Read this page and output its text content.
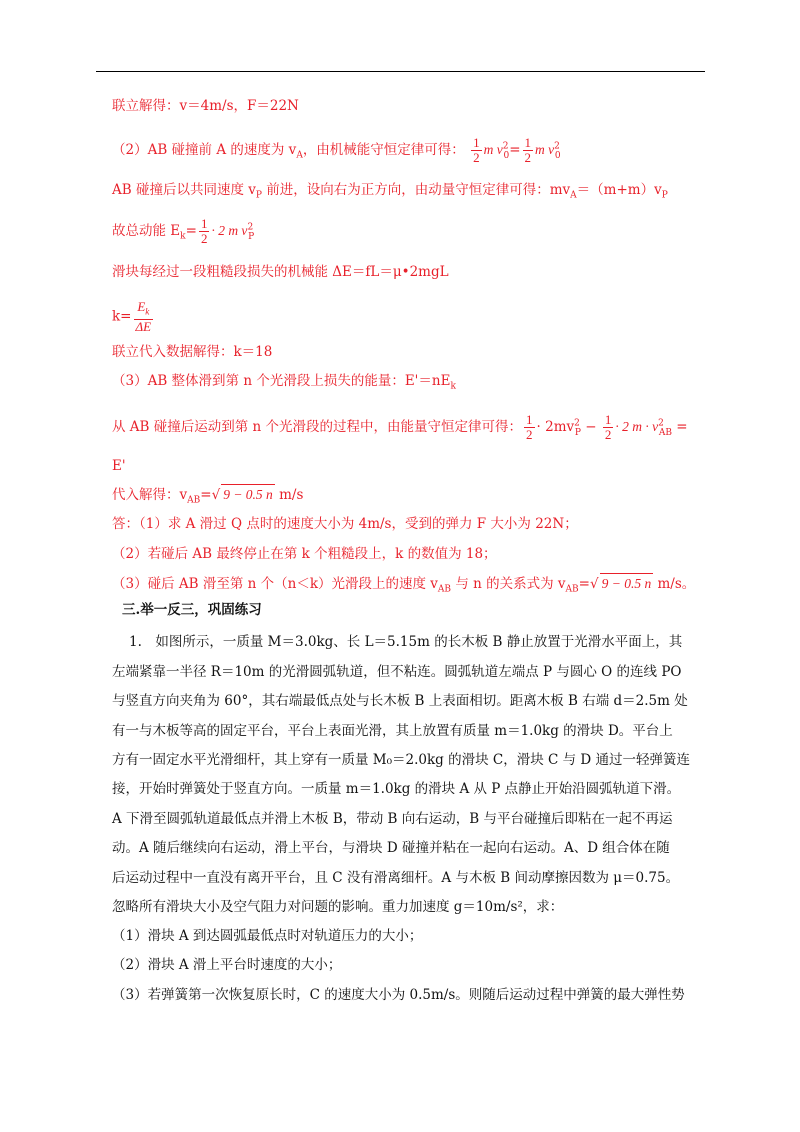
联立解得：v＝4m/s，F＝22N
（2）AB 碰撞前 A 的速度为 $v_A$，由机械能守恒定律可得： $\frac{1}{2}$ m $v^2_0= \frac{1}{2}$ m $v^2_0$
AB 碰撞后以共同速度 $v_P$ 前进，设向右为正方向，由动量守恒定律可得：$mv_A=(m+m)v_P$
故总动能 $E_k= \frac{1}{2} \cdot 2$ m $v^2_P$
滑块每经过一段粗糙段损失的机械能 ΔE＝fL＝μ•2mgL
$k= \frac{E_k}{\Delta E}$
联立代入数据解得：k＝18
（3）AB 整体滑到第 n 个光滑段上损失的能量：$E'=nE_k$
从 AB 碰撞后运动到第 n 个光滑段的过程中，由能量守恒定律可得： $\frac{1}{2} \cdot 2mv^2_P - \frac{1}{2} \cdot 2$ $m \cdot v^2_{AB}$ =
E'
代入解得：$v_{AB}=√$ 9 − 0.5 n m/s
答：（1）求 A 滑过 Q 点时的速度大小为 4m/s，受到的弹力 F 大小为 22N；
（2）若碰后 AB 最终停止在第 k 个粗糙段上，k 的数值为 18；
（3）碰后 AB 滑至第 n 个（n＜k）光滑段上的速度 $v_{AB}$ 与 n 的关系式为 $v_{AB}=√$ 9 − 0.5 n m/s。
三.举一反三，巩固练习
1.　如图所示，一质量 M＝3.0kg、长 L＝5.15m 的长木板 B 静止放置于光滑水平面上，其
左端紧靠一半径 R＝10m 的光滑圆弧轨道，但不粘连。圆弧轨道左端点 P 与圆心 O 的连线 PO
与竖直方向夹角为 60°，其右端最低点处与长木板 B 上表面相切。距离木板 B 右端 d＝2.5m 处
有一与木板等高的固定平台，平台上表面光滑，其上放置有质量 m＝1.0kg 的滑块 D。平台上
方有一固定水平光滑细杆，其上穿有一质量 M₀＝2.0kg 的滑块 C，滑块 C 与 D 通过一轻弹簧连
接，开始时弹簧处于竖直方向。一质量 m＝1.0kg 的滑块 A 从 P 点静止开始沿圆弧轨道下滑。
A 下滑至圆弧轨道最低点并滑上木板 B，带动 B 向右运动，B 与平台碰撞后即粘在一起不再运
动。A 随后继续向右运动，滑上平台，与滑块 D 碰撞并粘在一起向右运动。A、D 组合体在随
后运动过程中一直没有离开平台，且 C 没有滑离细杆。A 与木板 B 间动摩擦因数为 μ＝0.75。
忽略所有滑块大小及空气阻力对问题的影响。重力加速度 g＝10m/s²，求：
（1）滑块 A 到达圆弧最低点时对轨道压力的大小；
（2）滑块 A 滑上平台时速度的大小；
（3）若弹簧第一次恢复原长时，C 的速度大小为 0.5m/s。则随后运动过程中弹簧的最大弹性势
